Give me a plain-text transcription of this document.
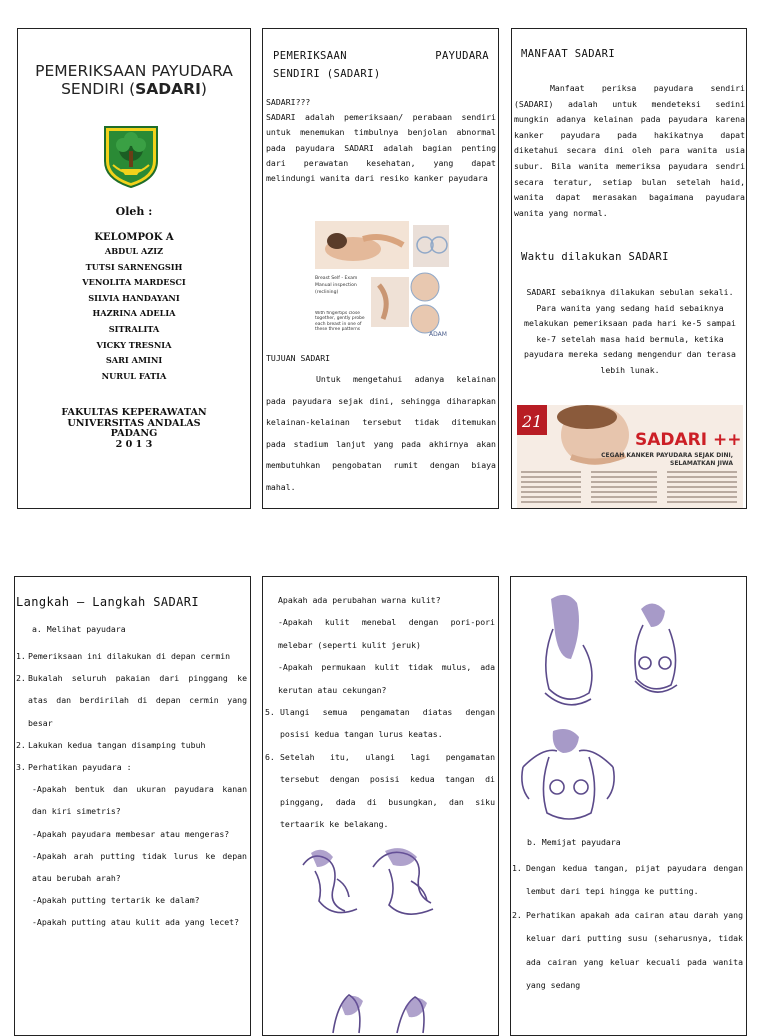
PEMERIKSAAN PAYUDARA
SENDIRI (SADARI)
Oleh :
KELOMPOK A
ABDUL AZIZ
TUTSI SARNENGSIH
VENOLITA MARDESCI
SILVIA HANDAYANI
HAZRINA ADELIA
SITRALITA
VICKY TRESNIA
SARI AMINI
NURUL FATIA
FAKULTAS KEPERAWATAN
UNIVERSITAS ANDALAS
PADANG
2 0 1 3
PEMERIKSAAN	PAYUDARA
SENDIRI (SADARI)
SADARI???
SADARI adalah pemeriksaan/ perabaan sendiri untuk menemukan timbulnya benjolan abnormal pada payudara SADARI adalah bagian penting dari perawatan kesehatan, yang dapat melindungi wanita dari resiko kanker payudara
Breast Self - Exam
Manual inspection
(reclining)
With fingertips close together, gently probe each breast in one of these three patterns
ADAM
TUJUAN SADARI
Untuk mengetahui adanya kelainan pada payudara sejak dini, sehingga diharapkan kelainan-kelainan tersebut tidak ditemukan pada stadium lanjut yang pada akhirnya akan membutuhkan pengobatan rumit dengan biaya mahal.
MANFAAT SADARI
Manfaat periksa payudara sendiri (SADARI) adalah untuk mendeteksi sedini mungkin adanya kelainan pada payudara karena kanker payudara pada hakikatnya dapat diketahui secara dini oleh para wanita usia subur. Bila wanita memeriksa payudara sendri secara teratur, setiap bulan setelah haid, wanita dapat merasakan bagaimana payudara wanita yang normal.
Waktu dilakukan SADARI
SADARI sebaiknya dilakukan sebulan sekali. Para wanita yang sedang haid sebaiknya melakukan pemeriksaan pada hari ke-5 sampai ke-7 setelah masa haid bermula, ketika payudara mereka sedang mengendur dan terasa lebih lunak.
21
SADARI ++
CEGAH KANKER PAYUDARA SEJAK DINI,
SELAMATKAN JIWA
Langkah – Langkah SADARI
a. Melihat payudara
1. Pemeriksaan ini dilakukan di depan cermin
2. Bukalah seluruh pakaian dari pinggang ke atas dan berdirilah di depan cermin yang besar
2. Lakukan kedua tangan disamping tubuh
3. Perhatikan payudara :
-Apakah bentuk dan ukuran payudara kanan dan kiri simetris?
-Apakah payudara membesar atau mengeras?
-Apakah arah putting tidak lurus ke depan atau berubah arah?
-Apakah putting tertarik ke dalam?
-Apakah putting atau kulit ada yang lecet?
Apakah ada perubahan warna kulit?
-Apakah kulit menebal dengan pori-pori melebar (seperti kulit jeruk)
-Apakah permukaan kulit tidak mulus, ada kerutan atau cekungan?
5. Ulangi semua pengamatan diatas dengan posisi kedua tangan lurus keatas.
6. Setelah itu, ulangi lagi pengamatan tersebut dengan posisi kedua tangan di pinggang, dada di busungkan, dan siku tertaarik ke belakang.
b. Memijat payudara
1. Dengan kedua tangan, pijat payudara dengan lembut dari tepi hingga ke putting.
2. Perhatikan apakah ada cairan atau darah yang keluar dari putting susu (seharusnya, tidak ada cairan yang keluar kecuali pada wanita yang sedang
